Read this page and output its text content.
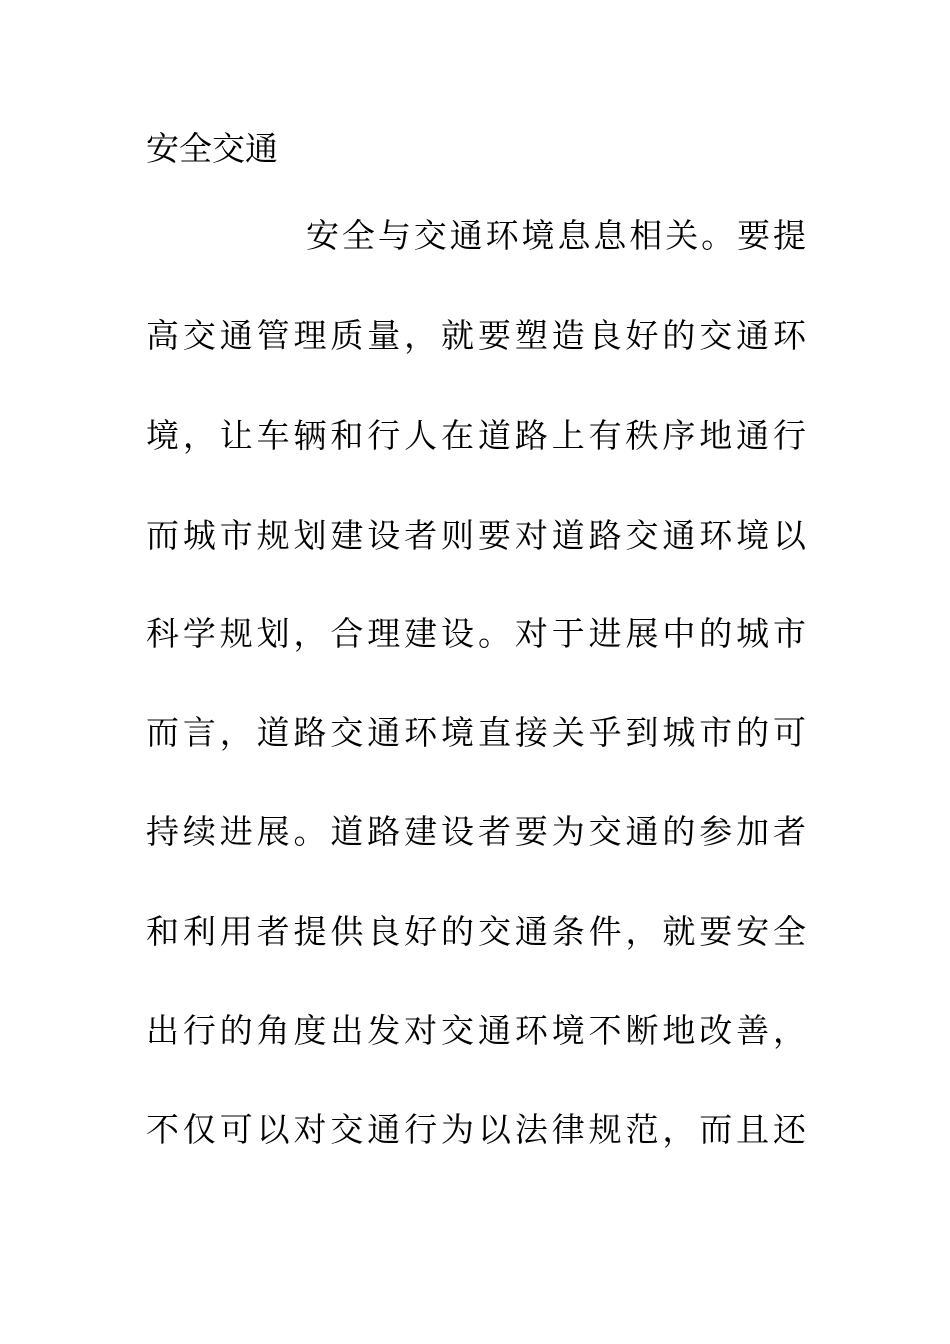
安全交通
安全与交通环境息息相关。要提
高交通管理质量，就要塑造良好的交通环
境，让车辆和行人在道路上有秩序地通行
而城市规划建设者则要对道路交通环境以
科学规划，合理建设。对于进展中的城市
而言，道路交通环境直接关乎到城市的可
持续进展。道路建设者要为交通的参加者
和利用者提供良好的交通条件，就要安全
出行的角度出发对交通环境不断地改善，
不仅可以对交通行为以法律规范，而且还
